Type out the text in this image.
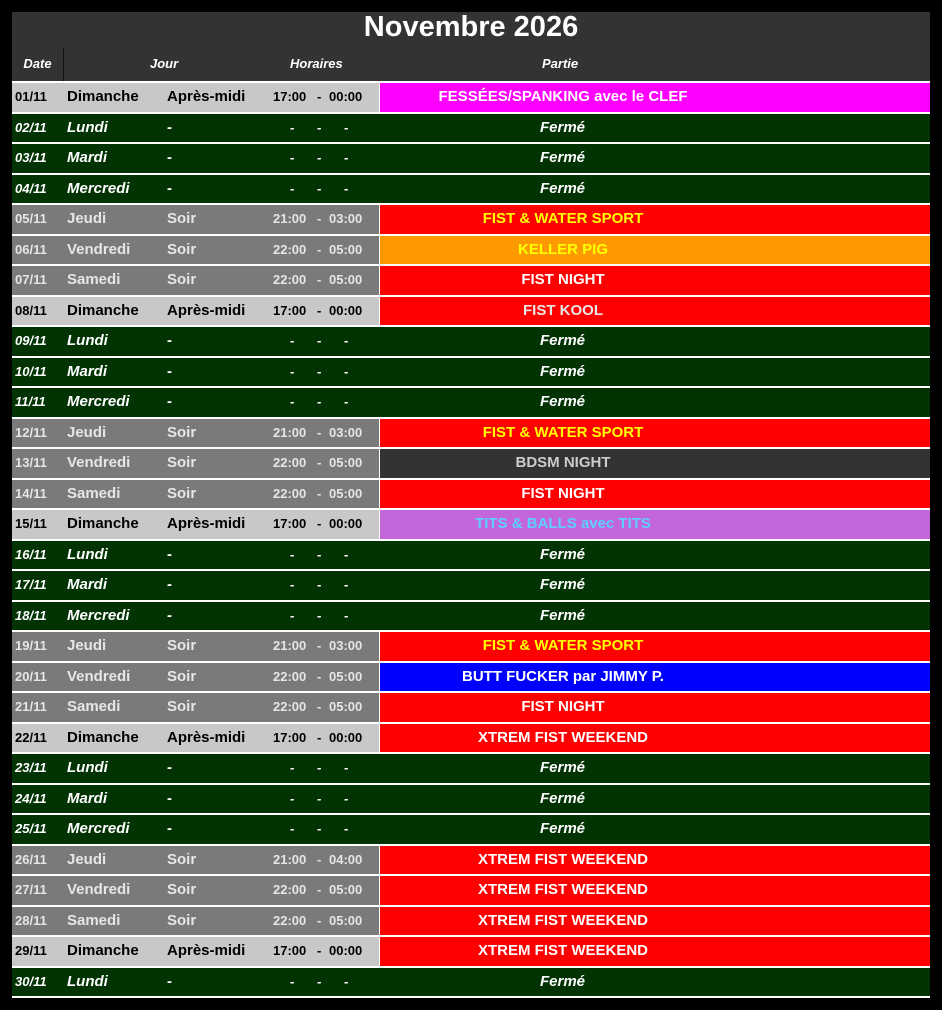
Novembre 2026
Date	Jour	Horaires	Partie
01/11 Dimanche Après-midi 17:00 - 00:00	FESSÉES/SPANKING avec le CLEF
02/11 Lundi	-	- - -	Fermé
03/11 Mardi	-	- - -	Fermé
04/11 Mercredi -	- - -	Fermé
05/11 Jeudi	Soir	21:00 - 03:00	FIST & WATER SPORT
06/11 Vendredi Soir	22:00 - 05:00	KELLER PIG
07/11 Samedi	Soir	22:00 - 05:00	FIST NIGHT
08/11 Dimanche Après-midi 17:00 - 00:00	FIST KOOL
09/11 Lundi	-	- - -	Fermé
10/11 Mardi	-	- - -	Fermé
11/11 Mercredi -	- - -	Fermé
12/11 Jeudi	Soir	21:00 - 03:00	FIST & WATER SPORT
13/11 Vendredi Soir	22:00 - 05:00	BDSM NIGHT
14/11 Samedi	Soir	22:00 - 05:00	FIST NIGHT
15/11 Dimanche Après-midi 17:00 - 00:00	TITS & BALLS avec TITS
16/11 Lundi	-	- - -	Fermé
17/11 Mardi	-	- - -	Fermé
18/11 Mercredi -	- - -	Fermé
19/11 Jeudi	Soir	21:00 - 03:00	FIST & WATER SPORT
20/11 Vendredi Soir	22:00 - 05:00	BUTT FUCKER par JIMMY P.
21/11 Samedi	Soir	22:00 - 05:00	FIST NIGHT
22/11 Dimanche Après-midi 17:00 - 00:00	XTREM FIST WEEKEND
23/11 Lundi	-	- - -	Fermé
24/11 Mardi	-	- - -	Fermé
25/11 Mercredi -	- - -	Fermé
26/11 Jeudi	Soir	21:00 - 04:00	XTREM FIST WEEKEND
27/11 Vendredi Soir	22:00 - 05:00	XTREM FIST WEEKEND
28/11 Samedi	Soir	22:00 - 05:00	XTREM FIST WEEKEND
29/11 Dimanche Après-midi 17:00 - 00:00	XTREM FIST WEEKEND
30/11 Lundi	-	- - -	Fermé
